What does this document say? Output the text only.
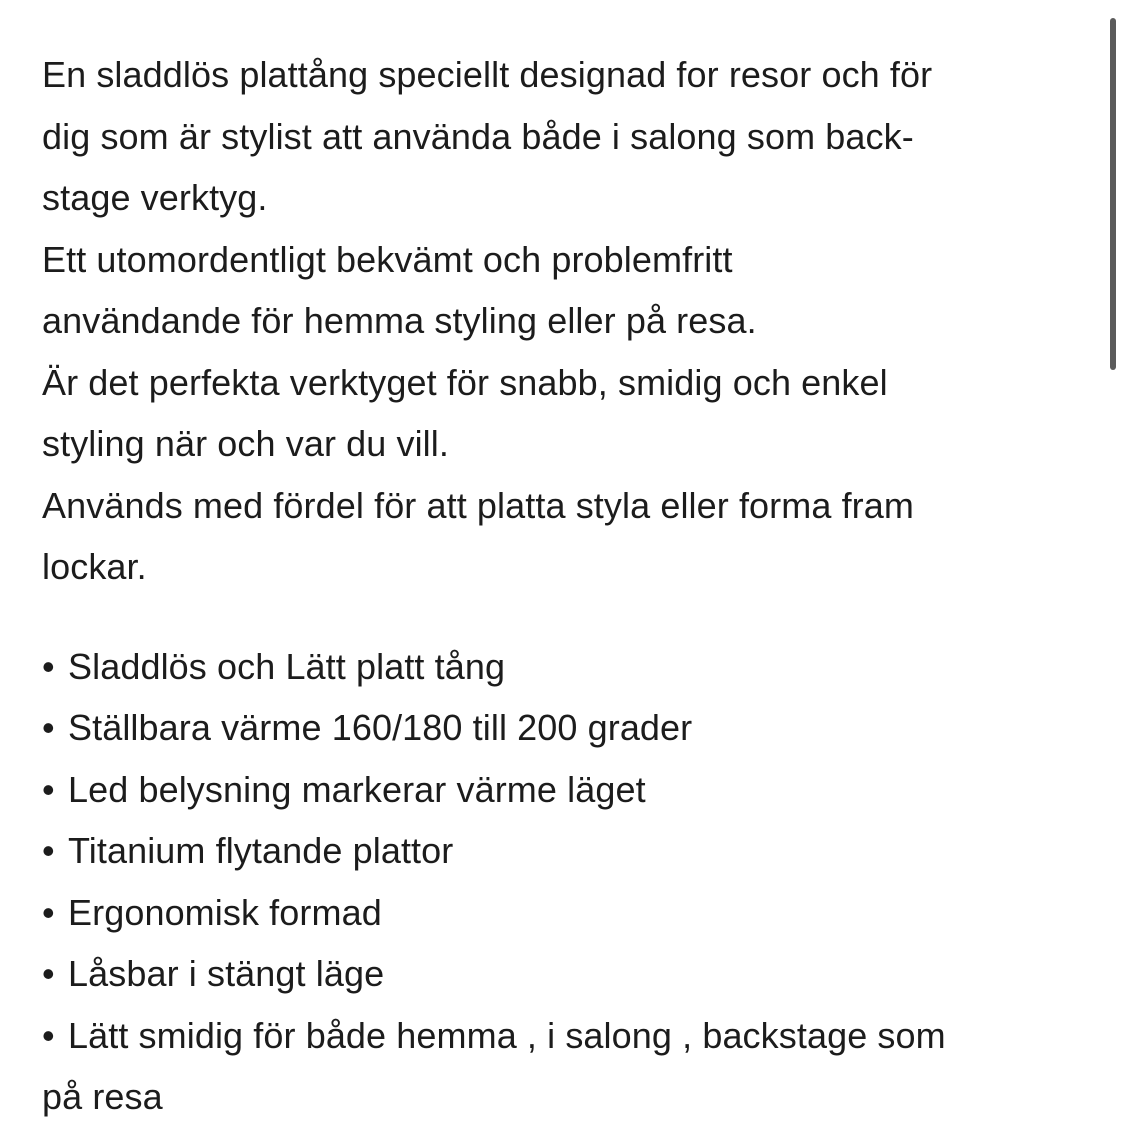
En sladdlös plattång speciellt designad for resor och för
dig som är stylist att använda både i salong som back-
stage verktyg.
Ett utomordentligt bekvämt och problemfritt
användande för hemma styling eller på resa.
Är det perfekta verktyget för snabb, smidig och enkel
styling när och var du vill.
Används med fördel för att platta styla eller forma fram
lockar.
• Sladdlös och Lätt platt tång
• Ställbara värme 160/180 till 200 grader
• Led belysning markerar värme läget
• Titanium flytande plattor
• Ergonomisk formad
• Låsbar i stängt läge
• Lätt smidig för både hemma , i salong , backstage som
på resa
